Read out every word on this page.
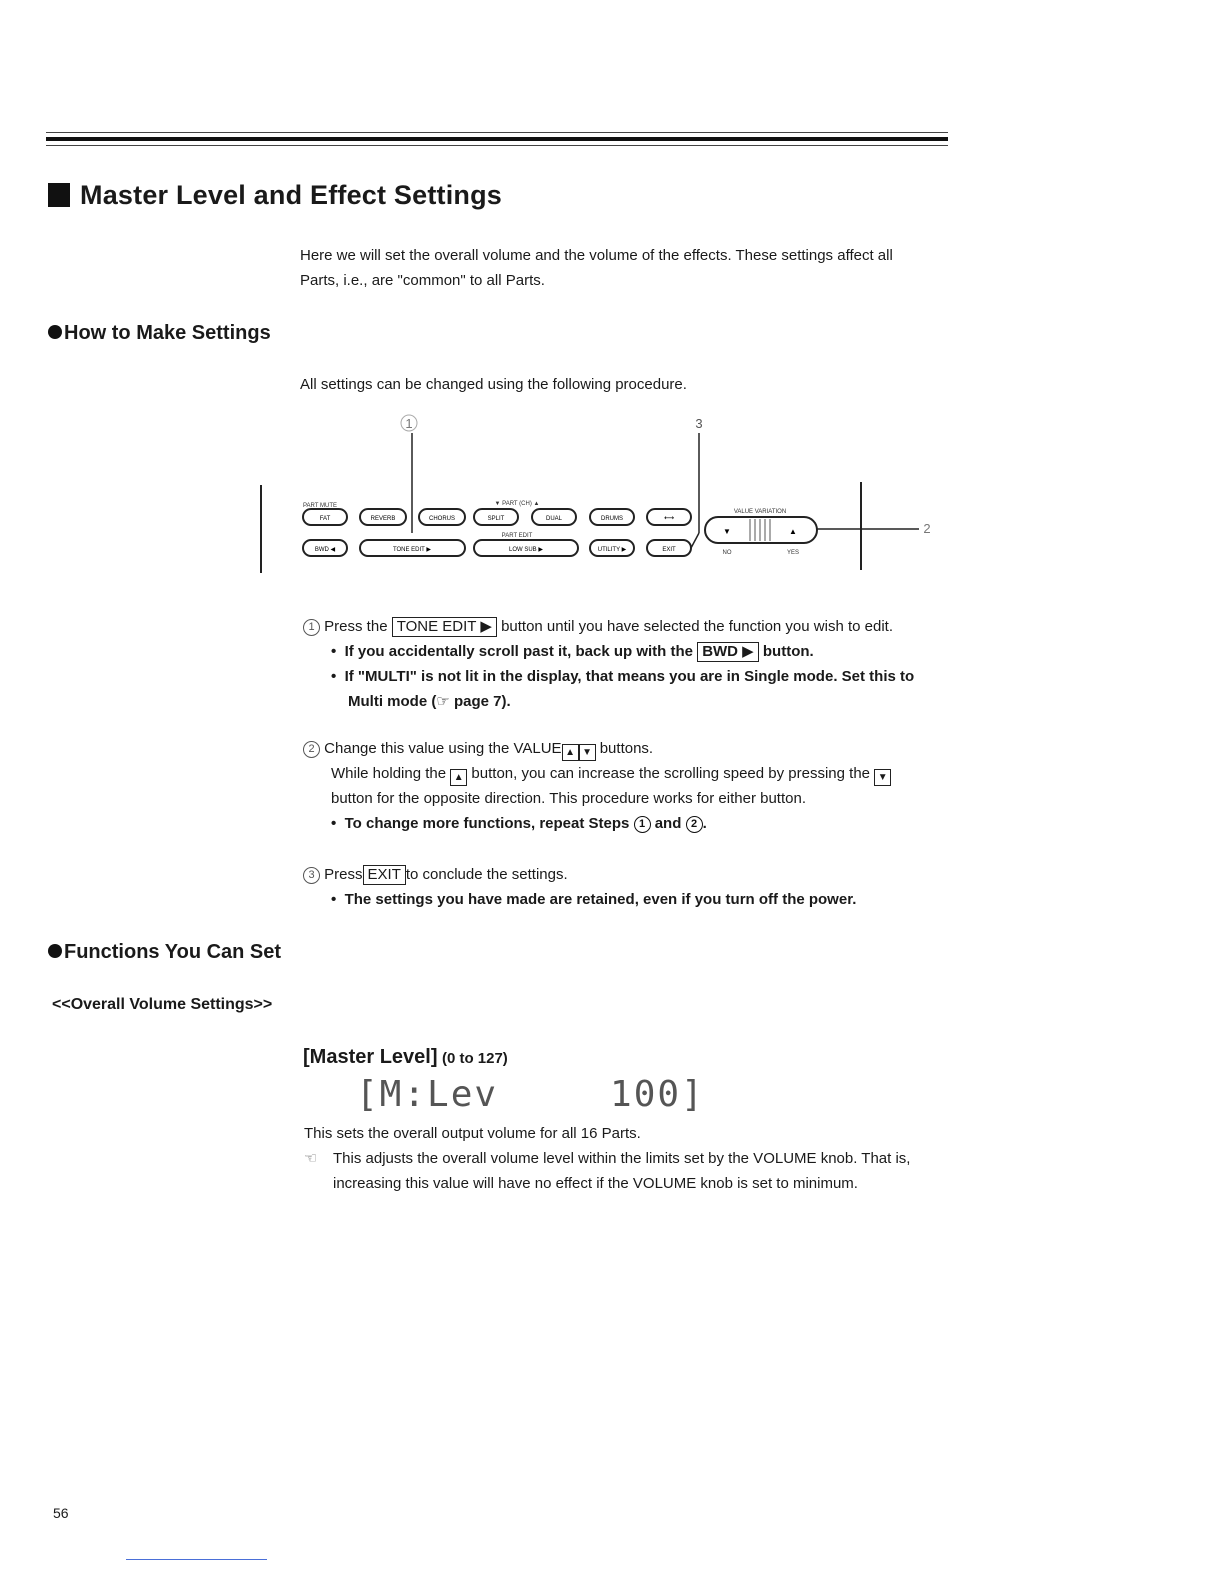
Master Level and Effect Settings
Here we will set the overall volume and the volume of the effects. These settings affect all
Parts, i.e., are "common" to all Parts.
How to Make Settings
All settings can be changed using the following procedure.
1	3
PART MUTE	▼ PART (CH) ▲
PART EDIT
VALUE VARIATION
NO	YES
FAT	REVERB	CHORUS	SPLIT	DUAL	DRUMS	⟷
BWD ◀	TONE EDIT ▶	LOW SUB ▶	UTILITY ▶	EXIT
▼	▲	2
1 Press the TONE EDIT ▶ button until you have selected the function you wish to edit.
•  If you accidentally scroll past it, back up with the BWD ▶ button.
•  If "MULTI" is not lit in the display, that means you are in Single mode. Set this to
Multi mode (☞ page 7).
2 Change this value using the VALUE ▲ ▼ buttons.
While holding the ▲ button, you can increase the scrolling speed by pressing the ▼
button for the opposite direction. This procedure works for either button.
•  To change more functions, repeat Steps 1 and 2 .
3 Press EXIT to conclude the settings.
•  The settings you have made are retained, even if you turn off the power.
Functions You Can Set
<<Overall Volume Settings>>
[Master Level] (0 to 127)
[M:Lev	100]
This sets the overall output volume for all 16 Parts.
☜ This adjusts the overall volume level within the limits set by the VOLUME knob. That is,
increasing this value will have no effect if the VOLUME knob is set to minimum.
56
